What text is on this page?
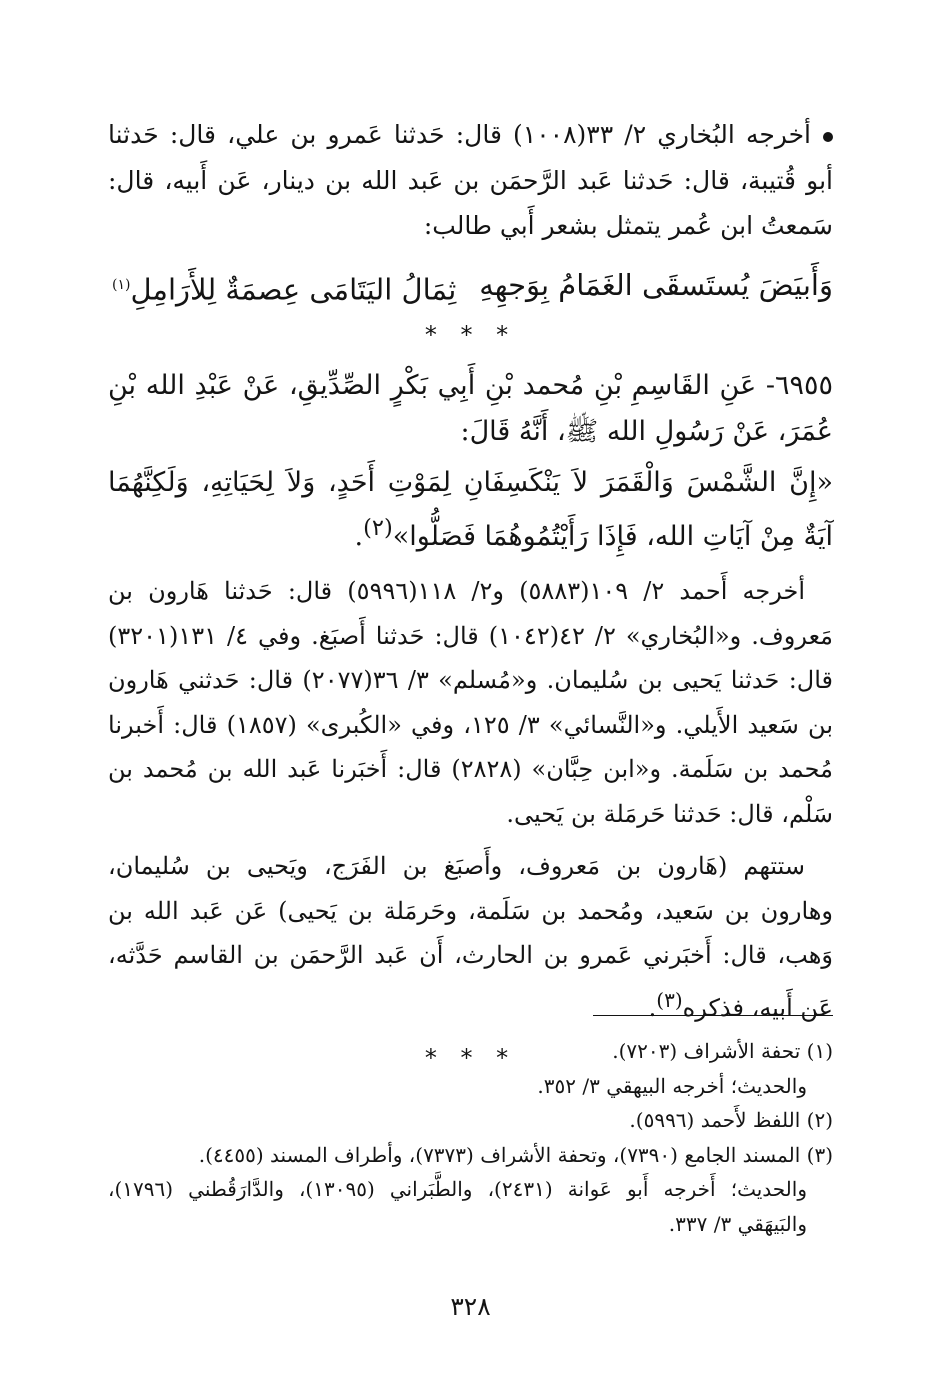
أخرجه البُخاري ٢/ ٣٣(١٠٠٨) قال: حَدثنا عَمرو بن علي، قال: حَدثنا أبو قُتيبة، قال: حَدثنا عَبد الرَّحمَن بن عَبد الله بن دينار، عَن أَبيه، قال: سَمعتُ ابن عُمر يتمثل بشعر أَبي طالب:

وَأَبيَضَ يُستَسقَى الغَمَامُ بِوَجهِهِ
ثِمَالُ اليَتَامَى عِصمَةٌ لِلأَرَامِلِ$^{(١)}$
* * *

٦٩٥٥- عَنِ القَاسِمِ بْنِ مُحمد بْنِ أَبِي بَكْرٍ الصِّدِّيقِ، عَنْ عَبْدِ الله بْنِ عُمَرَ، عَنْ رَسُولِ الله ﷺ، أَنَّهُ قَالَ:

«إِنَّ الشَّمْسَ وَالْقَمَرَ لاَ يَنْكَسِفَانِ لِمَوْتِ أَحَدٍ، وَلاَ لِحَيَاتِهِ، وَلَكِنَّهُمَا آيَةٌ مِنْ آيَاتِ الله، فَإِذَا رَأَيْتُمُوهُمَا فَصَلُّوا»$^{(٢)}$.

أخرجه أَحمد ٢/ ١٠٩(٥٨٨٣) و٢/ ١١٨(٥٩٩٦) قال: حَدثنا هَارون بن مَعروف. و«البُخاري» ٢/ ٤٢(١٠٤٢) قال: حَدثنا أَصبَغ. وفي ٤/ ١٣١(٣٢٠١) قال: حَدثنا يَحيى بن سُليمان. و«مُسلم» ٣/ ٣٦(٢٠٧٧) قال: حَدثني هَارون بن سَعيد الأَيلي. و«النَّسائي» ٣/ ١٢٥، وفي «الكُبرى» (١٨٥٧) قال: أَخبرنا مُحمد بن سَلَمة. و«ابن حِبَّان» (٢٨٢٨) قال: أَخبَرنا عَبد الله بن مُحمد بن سَلْم، قال: حَدثنا حَرمَلة بن يَحيى.

ستتهم (هَارون بن مَعروف، وأَصبَغ بن الفَرَج، ويَحيى بن سُليمان، وهارون بن سَعيد، ومُحمد بن سَلَمة، وحَرمَلة بن يَحيى) عَن عَبد الله بن وَهب، قال: أَخبَرني عَمرو بن الحارث، أَن عَبد الرَّحمَن بن القاسم حَدَّثه، عَن أَبيه، فذكره$^{(٣)}$.

* * *	(١) تحفة الأشراف (٧٢٠٣).

والحديث؛ أخرجه البيهقي ٣/ ٣٥٢.

(٢) اللفظ لأَحمد (٥٩٩٦).

(٣) المسند الجامع (٧٣٩٠)، وتحفة الأشراف (٧٣٧٣)، وأطراف المسند (٤٤٥٥).

والحديث؛ أَخرجه أَبو عَوانة (٢٤٣١)، والطَّبَراني (١٣٠٩٥)، والدَّارَقُطني (١٧٩٦)، والبَيهَقي ٣/ ٣٣٧.

٣٢٨
